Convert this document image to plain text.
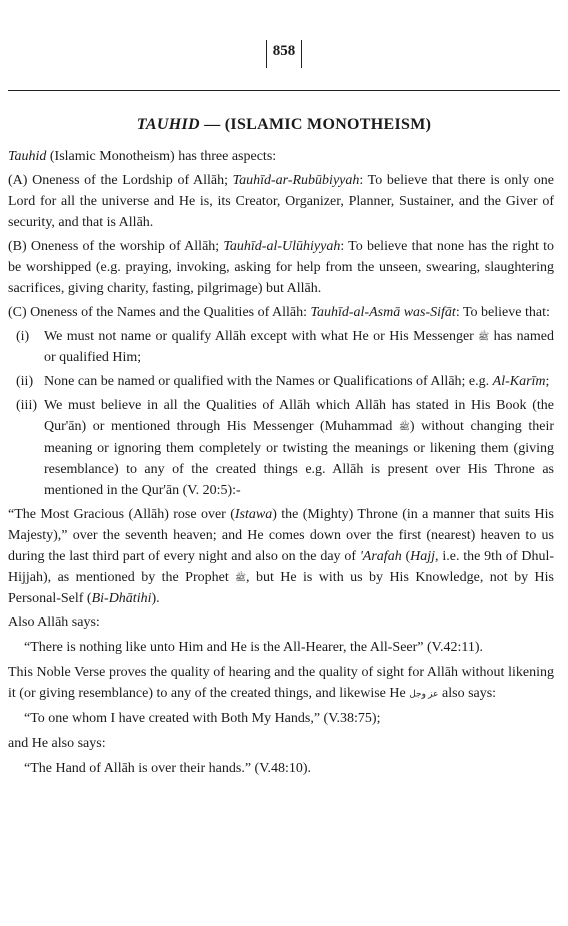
858
TAUHID — (ISLAMIC MONOTHEISM)

Tauhid (Islamic Monotheism) has three aspects:

(A) Oneness of the Lordship of Allāh; Tauhīd-ar-Rubūbiyyah: To believe that there is only one Lord for all the universe and He is, its Creator, Organizer, Planner, Sustainer, and the Giver of security, and that is Allāh.

(B) Oneness of the worship of Allāh; Tauhīd-al-Ulūhiyyah: To believe that none has the right to be worshipped (e.g. praying, invoking, asking for help from the unseen, swearing, slaughtering sacrifices, giving charity, fasting, pilgrimage) but Allāh.

(C) Oneness of the Names and the Qualities of Allāh: Tauhīd-al-Asmā was-Sifāt: To believe that:

(i)	We must not name or qualify Allāh except with what He or His Messenger ﷺ has named or qualified Him;
(ii) None can be named or qualified with the Names or Qualifications of Allāh; e.g. Al-Karīm;
(iii) We must believe in all the Qualities of Allāh which Allāh has stated in His Book (the Qur'ān) or mentioned through His Messenger (Muhammad ﷺ) without changing their meaning or ignoring them completely or twisting the meanings or likening them (giving resemblance) to any of the created things e.g. Allāh is present over His Throne as mentioned in the Qur'ān (V. 20:5):-

“The Most Gracious (Allāh) rose over (Istawa) the (Mighty) Throne (in a manner that suits His Majesty),” over the seventh heaven; and He comes down over the first (nearest) heaven to us during the last third part of every night and also on the day of 'Arafah (Hajj, i.e. the 9th of Dhul-Hijjah), as mentioned by the Prophet ﷺ, but He is with us by His Knowledge, not by His Personal-Self (Bi-Dhātihi).

Also Allāh says:

“There is nothing like unto Him and He is the All-Hearer, the All-Seer” (V.42:11).

This Noble Verse proves the quality of hearing and the quality of sight for Allāh without likening it (or giving resemblance) to any of the created things, and likewise He عز وجل also says:

“To one whom I have created with Both My Hands,” (V.38:75);

and He also says:

“The Hand of Allāh is over their hands.” (V.48:10).
